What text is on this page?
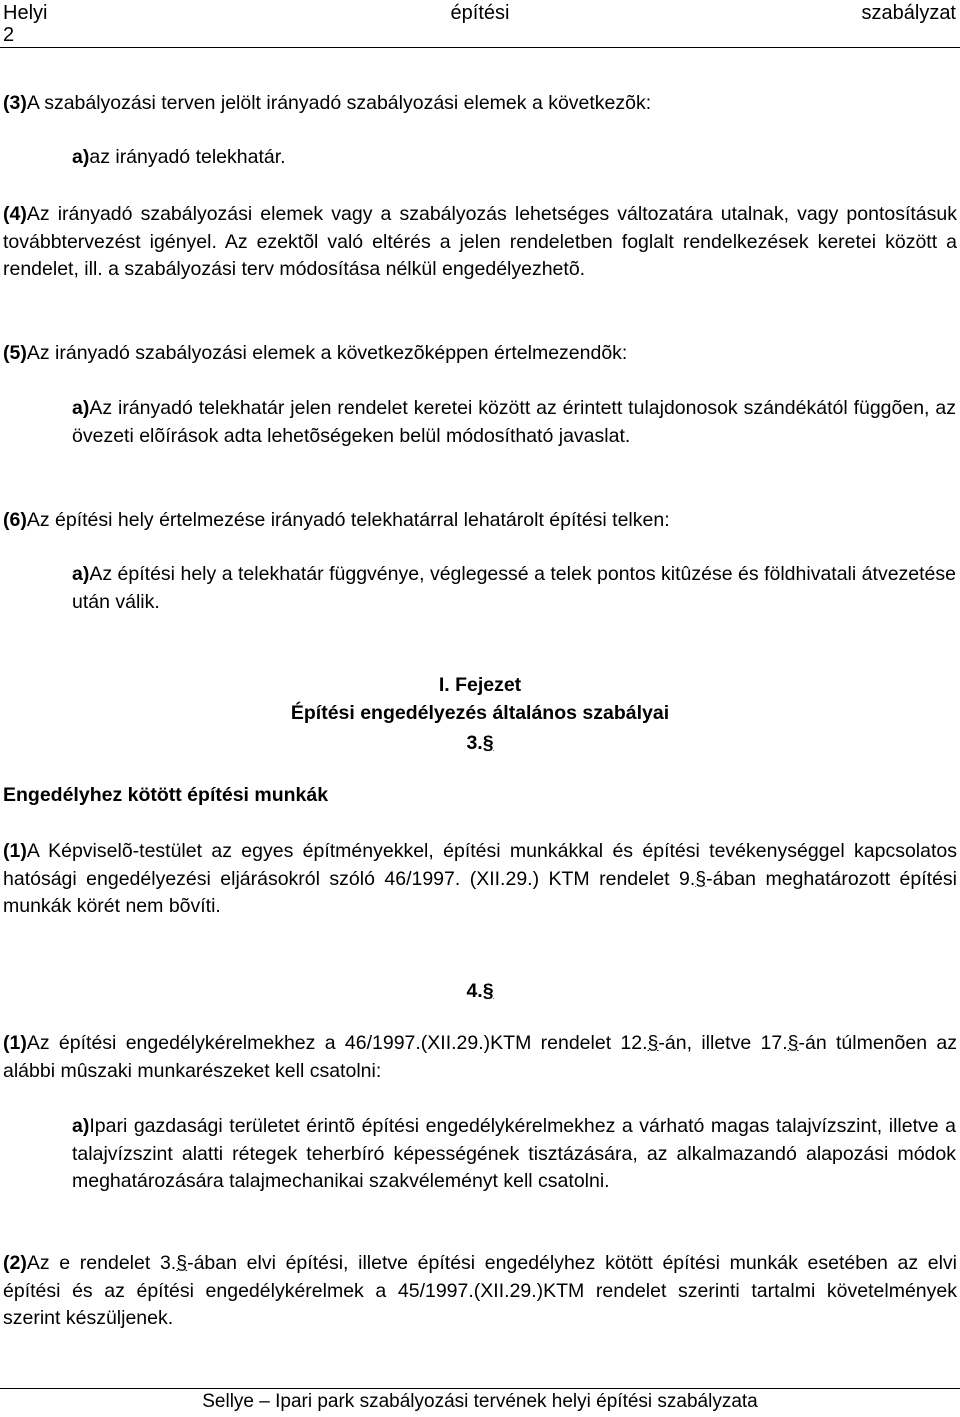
Helyi	építési	szabályzat
2
(3)A szabályozási terven jelölt irányadó szabályozási elemek a következõk:
a)az irányadó telekhatár.
(4)Az irányadó szabályozási elemek vagy a szabályozás lehetséges változatára utalnak, vagy pontosításuk továbbtervezést igényel. Az ezektõl való eltérés a jelen rendeletben foglalt rendelkezések keretei között a rendelet, ill. a szabályozási terv módosítása nélkül engedélyezhetõ.
(5)Az irányadó szabályozási elemek a következõképpen értelmezendõk:
a)Az irányadó telekhatár jelen rendelet keretei között az érintett tulajdonosok szándékától függõen, az övezeti elõírások adta lehetõségeken belül módosítható javaslat.
(6)Az építési hely értelmezése irányadó telekhatárral lehatárolt építési telken:
a)Az építési hely a telekhatár függvénye, véglegessé a telek pontos kitûzése és földhivatali átvezetése után válik.
I. Fejezet
Építési engedélyezés általános szabályai
3.§
Engedélyhez kötött építési munkák
(1)A Képviselõ-testület az egyes építményekkel, építési munkákkal és építési tevékenységgel kapcsolatos hatósági engedélyezési eljárásokról szóló 46/1997. (XII.29.) KTM rendelet 9.§-ában meghatározott építési munkák körét nem bõvíti.
4.§
(1)Az építési engedélykérelmekhez a 46/1997.(XII.29.)KTM rendelet 12.§-án, illetve 17.§-án túlmenõen az alábbi mûszaki munkarészeket kell csatolni:
a)Ipari gazdasági területet érintõ építési engedélykérelmekhez a várható magas talajvízszint, illetve a talajvízszint alatti rétegek teherbíró képességének tisztázására, az alkalmazandó alapozási módok meghatározására talajmechanikai szakvéleményt kell csatolni.
(2)Az e rendelet 3.§-ában elvi építési, illetve építési engedélyhez kötött építési munkák esetében az elvi építési és az építési engedélykérelmek a 45/1997.(XII.29.)KTM rendelet szerinti tartalmi követelmények szerint készüljenek.
Sellye – Ipari park szabályozási tervének helyi építési szabályzata
